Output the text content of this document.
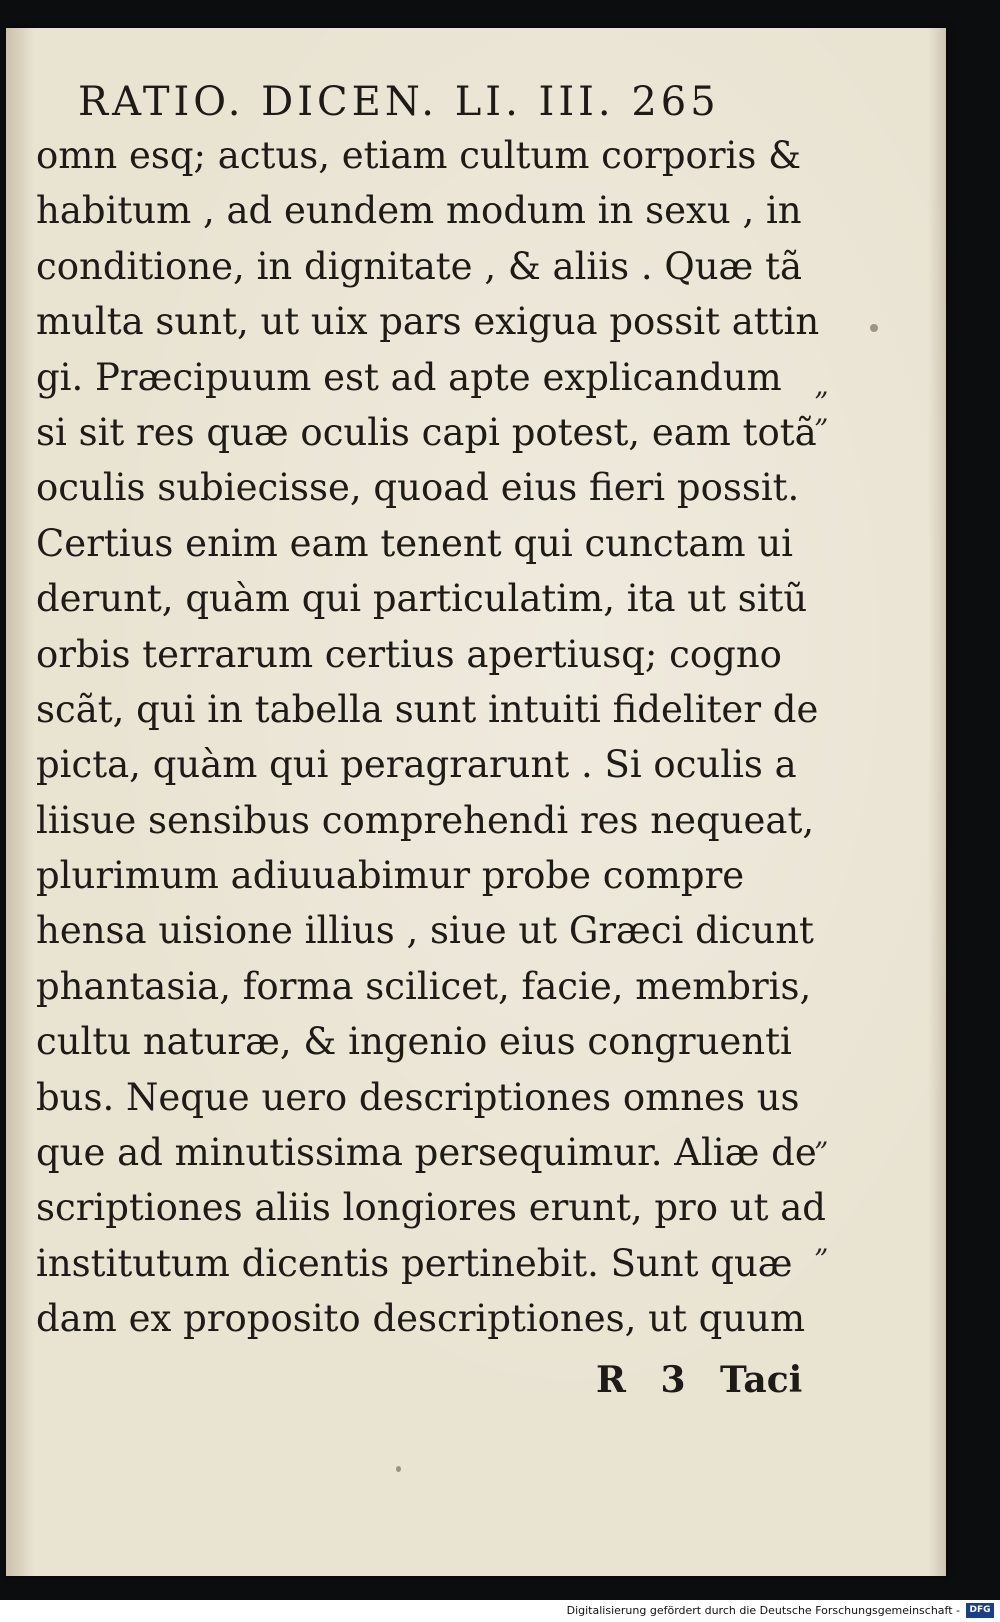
RATIO. DICEN. LI. III. 265
omn esq; actus, etiam cultum corporis &
habitum , ad eundem modum in sexu , in
conditione, in dignitate , & aliis . Quæ tã
multa sunt, ut uix pars exigua possit attin
gi. Præcipuum est ad apte explicandum
si sit res quæ oculis capi potest, eam totã
oculis subiecisse, quoad eius fieri possit.
Certius enim eam tenent qui cunctam ui
derunt, quàm qui particulatim, ita ut sitũ
orbis terrarum certius apertiusq; cogno
scãt, qui in tabella sunt intuiti fideliter de
picta, quàm qui peragrarunt . Si oculis a
liisue sensibus comprehendi res nequeat,
plurimum adiuuabimur probe compre
hensa uisione illius , siue ut Græci dicunt
phantasia, forma scilicet, facie, membris,
cultu naturæ, & ingenio eius congruenti
bus. Neque uero descriptiones omnes us
que ad minutissima persequimur. Aliæ de
scriptiones aliis longiores erunt, pro ut ad
institutum dicentis pertinebit. Sunt quæ
dam ex proposito descriptiones, ut quum
R 3 Taci
”
”
”
”
Digitalisierung gefördert durch die Deutsche Forschungsgemeinschaft -	DFG
